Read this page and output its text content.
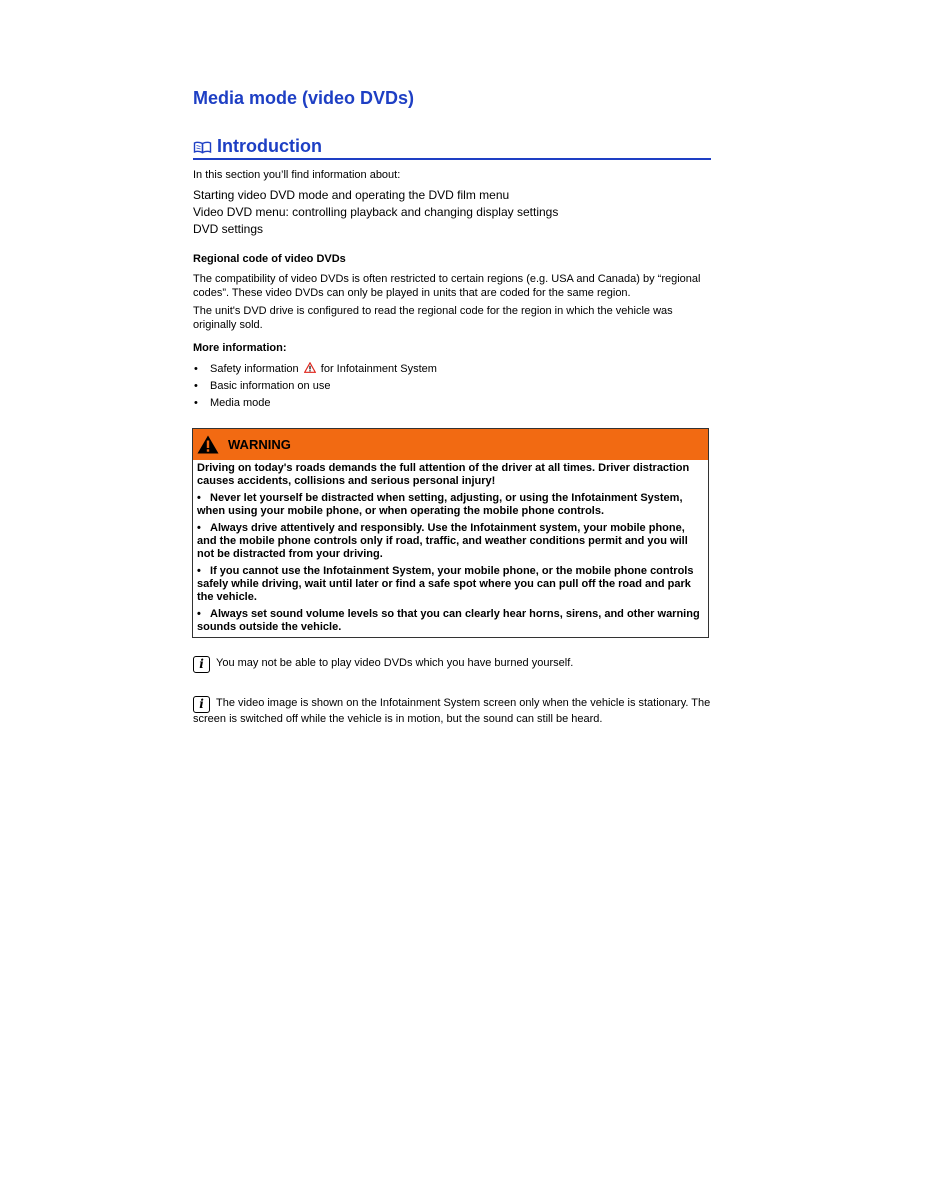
Media mode (video DVDs)
Introduction

In this section you’ll find information about:

Starting video DVD mode and operating the DVD film menu
Video DVD menu: controlling playback and changing display settings
DVD settings
Regional code of video DVDs

The compatibility of video DVDs is often restricted to certain regions (e.g. USA and Canada) by “regional codes”. These video DVDs can only be played in units that are coded for the same region.

The unit's DVD drive is configured to read the regional code for the region in which the vehicle was originally sold.

More information:
• Safety information for Infotainment System
• Basic information on use
• Media mode
WARNING

Driving on today's roads demands the full attention of the driver at all times. Driver distraction causes accidents, collisions and serious personal injury!

•   Never let yourself be distracted when setting, adjusting, or using the Infotainment System, when using your mobile phone, or when operating the mobile phone controls.

•   Always drive attentively and responsibly. Use the Infotainment system, your mobile phone, and the mobile phone controls only if road, traffic, and weather conditions permit and you will not be distracted from your driving.

•   If you cannot use the Infotainment System, your mobile phone, or the mobile phone controls safely while driving, wait until later or find a safe spot where you can pull off the road and park the vehicle.

•   Always set sound volume levels so that you can clearly hear horns, sirens, and other warning sounds outside the vehicle.

i You may not be able to play video DVDs which you have burned yourself.

i The video image is shown on the Infotainment System screen only when the vehicle is stationary. The screen is switched off while the vehicle is in motion, but the sound can still be heard.
